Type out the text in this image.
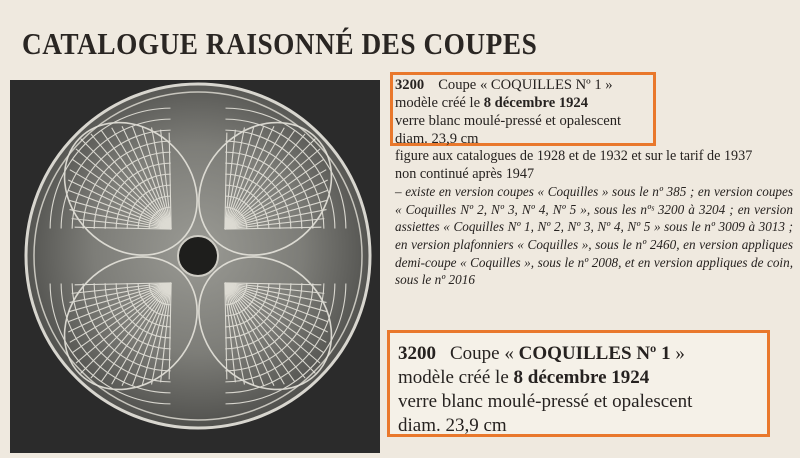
CATALOGUE RAISONNÉ DES COUPES
3200 Coupe « COQUILLES Nº 1 »
modèle créé le 8 décembre 1924
verre blanc moulé-pressé et opalescent
diam. 23,9 cm

figure aux catalogues de 1928 et de 1932 et sur le tarif de 1937

non continué après 1947

– existe en version coupes « Coquilles » sous le nº 385 ; en version coupes « Coquilles Nº 2, Nº 3, Nº 4, Nº 5 », sous les nºˢ 3200 à 3204 ; en version assiettes « Coquilles Nº 1, Nº 2, Nº 3, Nº 4, Nº 5 » sous le nº 3009 à 3013 ; en version plafonniers « Coquilles », sous le nº 2460, en version appliques demi-coupe « Coquilles », sous le nº 2008, et en version appliques de coin, sous le nº 2016

3200 Coupe « COQUILLES Nº 1 »
modèle créé le 8 décembre 1924
verre blanc moulé-pressé et opalescent
diam. 23,9 cm
